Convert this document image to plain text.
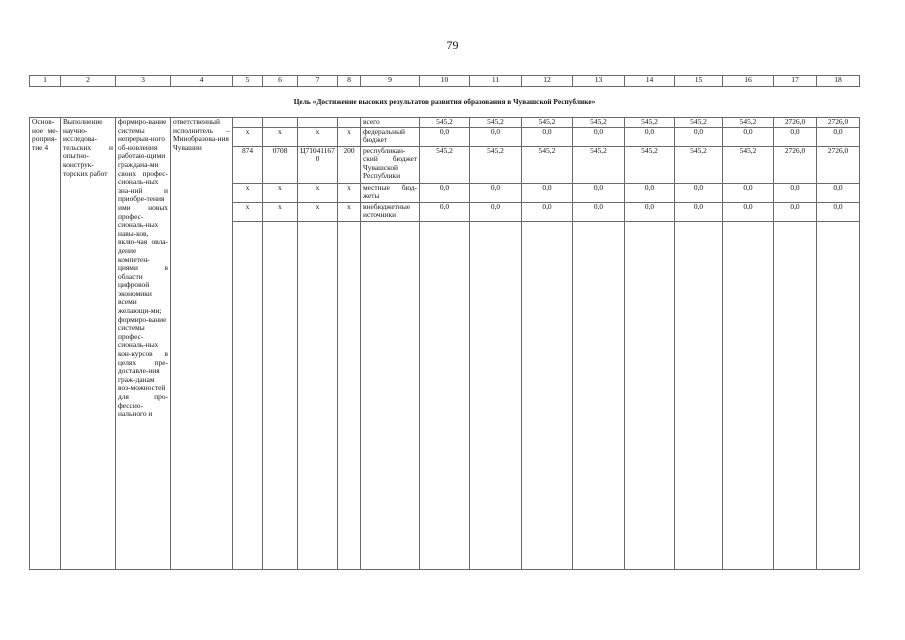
79
1	2	3	4	5	6	7	8	9	10	11	12	13	14	15	16	17	18
Цель «Достижение высоких результатов развития образования в Чувашской Республике»																	
Основ-ное ме-роприя-тие 4	Выполнение научно-исследова-тельских и опытно-конструк-торских работ	формиро-вание системы непрерыв-ного об-новления работаю-щими граждана-ми своих профес-сиональ-ных зна-ний и приобре-тения ими новых профес-сиональ-ных навы-ков, вклю-чая овла-дение компетен-циями в области цифровой экономики всеми желающи-ми; формиро-вание системы профес-сиональ-ных кон-курсов в целях пре-доставле-ния граж-данам воз-можностей для про-фессио-нального и	ответственный исполнитель – Минобразова-ния Чувашии					всего	545,2	545,2	545,2	545,2	545,2	545,2	545,2	2726,0	2726,0
				x	x	x	x	федеральный бюджет	0,0	0,0	0,0	0,0	0,0	0,0	0,0	0,0	0,0
				874	0708	Ц710411670	200	республикан-ский бюджет Чувашской Республики	545,2	545,2	545,2	545,2	545,2	545,2	545,2	2726,0	2726,0
				x	x	x	x	местные бюд-жеты	0,0	0,0	0,0	0,0	0,0	0,0	0,0	0,0	0,0
				x	x	x	x	внебюджетные источники	0,0	0,0	0,0	0,0	0,0	0,0	0,0	0,0	0,0
